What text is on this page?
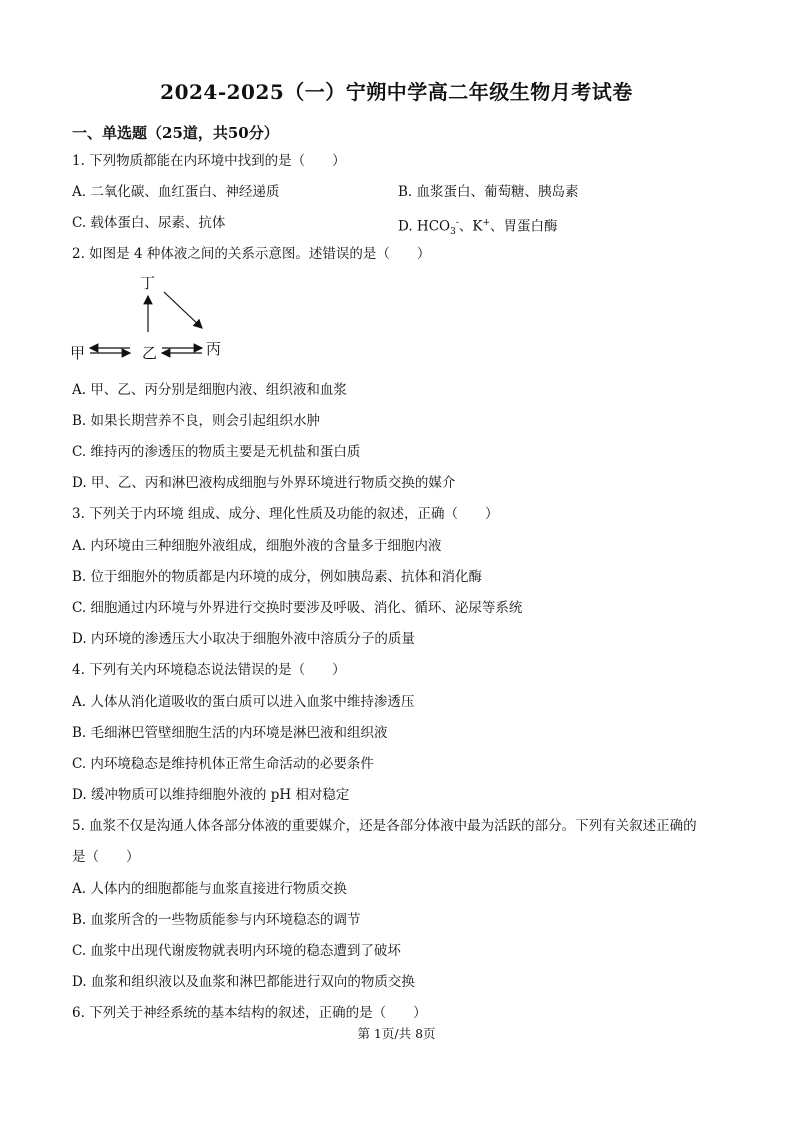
2024-2025（一）宁朔中学高二年级生物月考试卷
一、单选题（25道，共50分）
1. 下列物质都能在内环境中找到的是（　　）
A. 二氧化碳、血红蛋白、神经递质	B. 血浆蛋白、葡萄糖、胰岛素
C. 载体蛋白、尿素、抗体	D. $HCO_3^-$、K+、胃蛋白酶
2. 如图是 4 种体液之间的关系示意图。述错误的是（　　）
丁
甲	乙	丙
A. 甲、乙、丙分别是细胞内液、组织液和血浆
B. 如果长期营养不良，则会引起组织水肿
C. 维持丙的渗透压的物质主要是无机盐和蛋白质
D. 甲、乙、丙和淋巴液构成细胞与外界环境进行物质交换的媒介
3. 下列关于内环境 组成、成分、理化性质及功能的叙述，正确（　　）
A. 内环境由三种细胞外液组成，细胞外液的含量多于细胞内液
B. 位于细胞外的物质都是内环境的成分，例如胰岛素、抗体和消化酶
C. 细胞通过内环境与外界进行交换时要涉及呼吸、消化、循环、泌尿等系统
D. 内环境的渗透压大小取决于细胞外液中溶质分子的质量
4. 下列有关内环境稳态说法错误的是（　　）
A. 人体从消化道吸收的蛋白质可以进入血浆中维持渗透压
B. 毛细淋巴管壁细胞生活的内环境是淋巴液和组织液
C. 内环境稳态是维持机体正常生命活动的必要条件
D. 缓冲物质可以维持细胞外液的 pH 相对稳定
5. 血浆不仅是沟通人体各部分体液的重要媒介，还是各部分体液中最为活跃的部分。下列有关叙述正确的
是（　　）
A. 人体内的细胞都能与血浆直接进行物质交换
B. 血浆所含的一些物质能参与内环境稳态的调节
C. 血浆中出现代谢废物就表明内环境的稳态遭到了破坏
D. 血浆和组织液以及血浆和淋巴都能进行双向的物质交换
6. 下列关于神经系统的基本结构的叙述，正确的是（　　）
第 1页/共 8页
